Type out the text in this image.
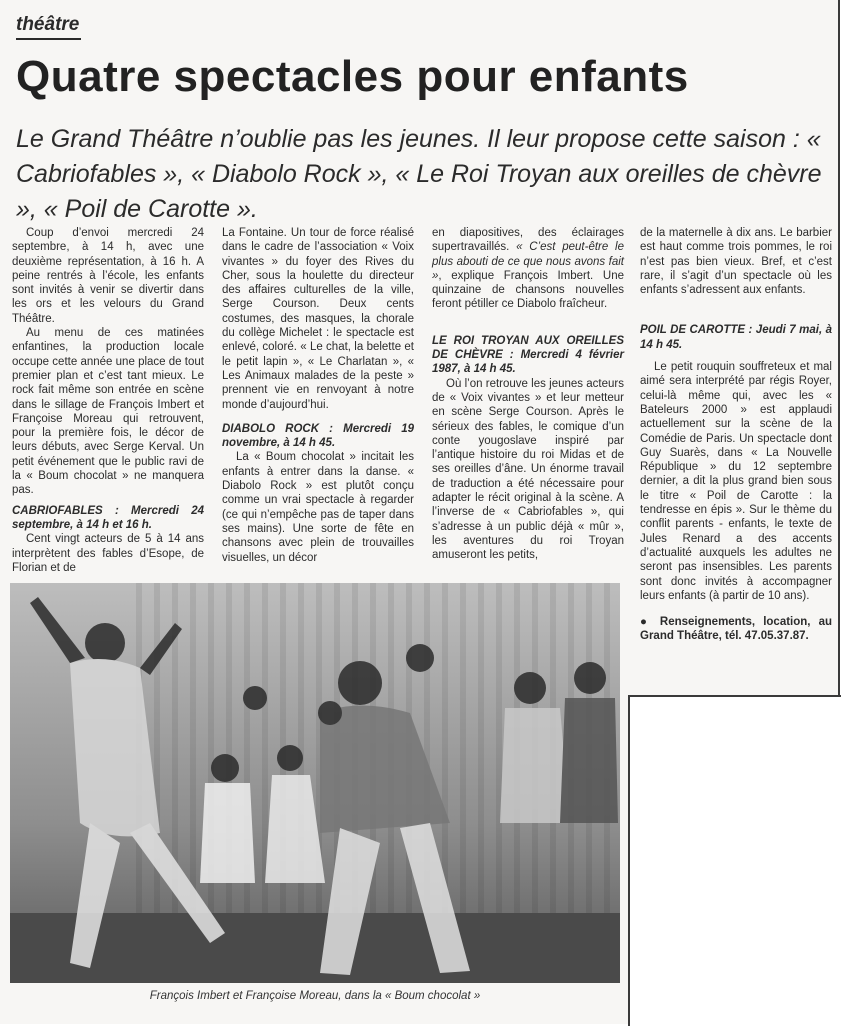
théâtre
Quatre spectacles pour enfants
Le Grand Théâtre n’oublie pas les jeunes. Il leur propose cette saison : « Cabriofables », « Diabolo Rock », « Le Roi Troyan aux oreilles de chèvre », « Poil de Carotte ».

Coup d’envoi mercredi 24 septembre, à 14 h, avec une deuxième représentation, à 16 h. A peine rentrés à l’école, les enfants sont invités à venir se divertir dans les ors et les velours du Grand Théâtre.

Au menu de ces matinées enfantines, la production locale occupe cette année une place de tout premier plan et c’est tant mieux. Le rock fait même son entrée en scène dans le sillage de François Imbert et Françoise Moreau qui retrouvent, pour la première fois, le décor de leurs débuts, avec Serge Kerval. Un petit événement que le public ravi de la « Boum chocolat » ne manquera pas.

CABRIOFABLES : Mercredi 24 septembre, à 14 h et 16 h.

Cent vingt acteurs de 5 à 14 ans interprètent des fables d’Esope, de Florian et de

La Fontaine. Un tour de force réalisé dans le cadre de l’association « Voix vivantes » du foyer des Rives du Cher, sous la houlette du directeur des affaires culturelles de la ville, Serge Courson. Deux cents costumes, des masques, la chorale du collège Michelet : le spectacle est enlevé, coloré. « Le chat, la belette et le petit lapin », « Le Charlatan », « Les Animaux malades de la peste » prennent vie en renvoyant à notre monde d’aujourd’hui.

DIABOLO ROCK : Mercredi 19 novembre, à 14 h 45.

La « Boum chocolat » incitait les enfants à entrer dans la danse. « Diabolo Rock » est plutôt conçu comme un vrai spectacle à regarder (ce qui n’empêche pas de taper dans ses mains). Une sorte de fête en chansons avec plein de trouvailles visuelles, un décor

en diapositives, des éclairages supertravaillés. « C’est peut-être le plus abouti de ce que nous avons fait », explique François Imbert. Une quinzaine de chansons nouvelles feront pétiller ce Diabolo fraîcheur.

LE ROI TROYAN AUX OREILLES DE CHÈVRE : Mercredi 4 février 1987, à 14 h 45.

Où l’on retrouve les jeunes acteurs de « Voix vivantes » et leur metteur en scène Serge Courson. Après le sérieux des fables, le comique d’un conte yougoslave inspiré par l’antique histoire du roi Midas et de ses oreilles d’âne. Un énorme travail de traduction a été nécessaire pour adapter le récit original à la scène. A l’inverse de « Cabriofables », qui s’adresse à un public déjà « mûr », les aventures du roi Troyan amuseront les petits,

de la maternelle à dix ans. Le barbier est haut comme trois pommes, le roi n’est pas bien vieux. Bref, et c’est rare, il s’agit d’un spectacle où les enfants s’adressent aux enfants.

POIL DE CAROTTE : Jeudi 7 mai, à 14 h 45.

Le petit rouquin souffreteux et mal aimé sera interprété par régis Royer, celui-là même qui, avec les « Bateleurs 2000 » est applaudi actuellement sur la scène de la Comédie de Paris. Un spectacle dont Guy Suarès, dans « La Nouvelle République » du 12 septembre dernier, a dit la plus grand bien sous le titre « Poil de Carotte : la tendresse en épis ». Sur le thème du conflit parents - enfants, le texte de Jules Renard a des accents d’actualité auxquels les adultes ne seront pas insensibles. Les parents sont donc invités à accompagner leurs enfants (à partir de 10 ans).

● Renseignements, location, au Grand Théâtre, tél. 47.05.37.87.

François Imbert et Françoise Moreau, dans la « Boum chocolat »
